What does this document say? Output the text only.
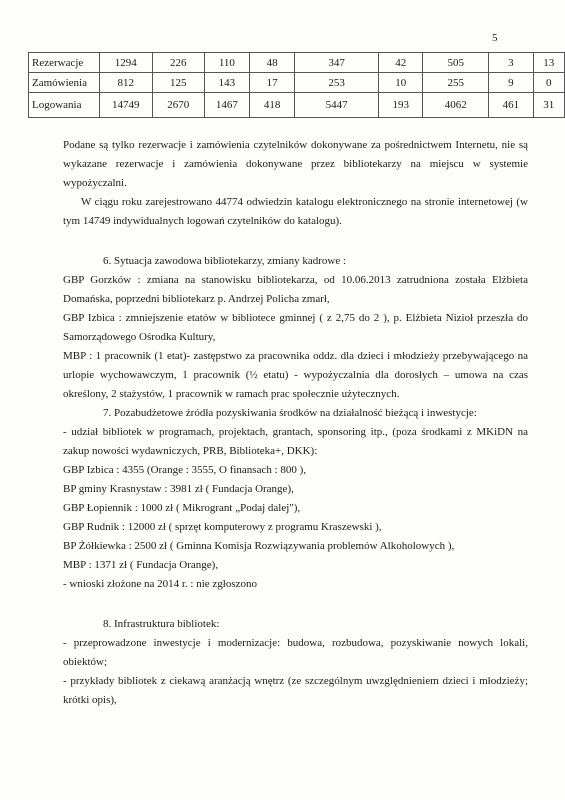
5
Rezerwacje	1294	226	110	48	347	42	505	3	13
Zamówienia	812	125	143	17	253	10	255	9	0
Logowania	14749	2670	1467	418	5447	193	4062	461	31

Podane są tylko rezerwacje i zamówienia czytelników dokonywane za pośrednictwem Internetu, nie są wykazane rezerwacje i zamówienia dokonywane przez bibliotekarzy na miejscu w systemie wypożyczalni.

W ciągu roku zarejestrowano 44774 odwiedzin katalogu elektronicznego na stronie internetowej (w tym 14749 indywidualnych logowań czytelników do katalogu).

6. Sytuacja zawodowa bibliotekarzy, zmiany kadrowe :

GBP Gorzków : zmiana na stanowisku bibliotekarza, od 10.06.2013 zatrudniona została Elżbieta Domańska, poprzedni bibliotekarz p. Andrzej Policha zmarł,

GBP Izbica : zmniejszenie etatów w bibliotece gminnej ( z 2,75 do 2 ), p. Elżbieta Nizioł przeszła do Samorządowego Ośrodka Kultury,

MBP : 1 pracownik (1 etat)- zastępstwo za pracownika oddz. dla dzieci i młodzieży przebywającego na urlopie wychowawczym, 1 pracownik (½ etatu) - wypożyczalnia dla dorosłych – umowa na czas określony, 2 stażystów, 1 pracownik w ramach prac społecznie użytecznych.

7. Pozabudżetowe źródła pozyskiwania środków na działalność bieżącą i inwestycje:

- udział bibliotek w programach, projektach, grantach, sponsoring itp., (poza środkami z MKiDN na zakup nowości wydawniczych, PRB, Biblioteka+, DKK):

GBP Izbica : 4355 (Orange : 3555, O finansach : 800 ),

BP gminy Krasnystaw : 3981 zł ( Fundacja Orange),

GBP Łopiennik : 1000 zł ( Mikrogrant „Podaj dalej"),

GBP Rudnik : 12000 zł ( sprzęt komputerowy z programu Kraszewski ),

BP Żółkiewka : 2500 zł ( Gminna Komisja Rozwiązywania problemów Alkoholowych ),

MBP : 1371 zł ( Fundacja Orange),

- wnioski złożone na 2014 r. : nie zgłoszono

8. Infrastruktura bibliotek:

- przeprowadzone inwestycje i modernizacje: budowa, rozbudowa, pozyskiwanie nowych lokali, obiektów;

- przykłady bibliotek z ciekawą aranżacją wnętrz (ze szczególnym uwzględnieniem dzieci i młodzieży; krótki opis),
